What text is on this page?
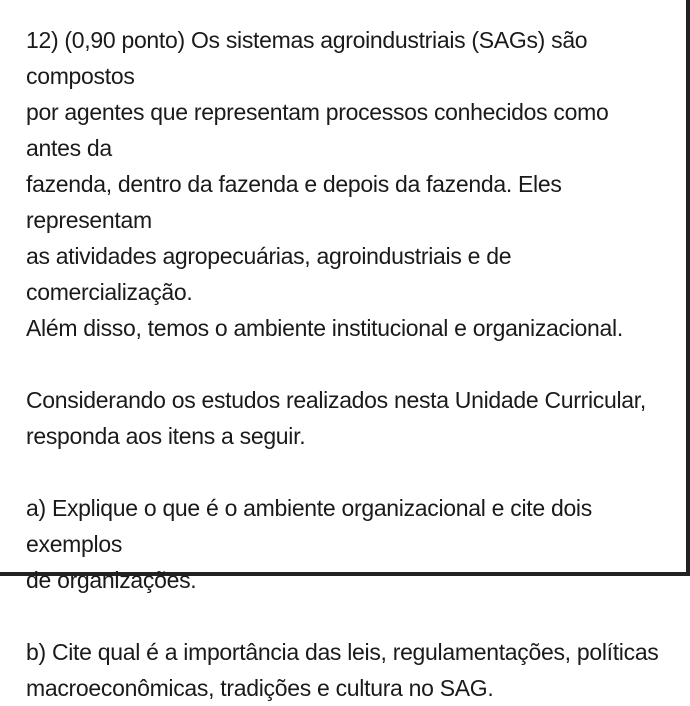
12) (0,90 ponto) Os sistemas agroindustriais (SAGs) são compostos

por agentes que representam processos conhecidos como antes da

fazenda, dentro da fazenda e depois da fazenda. Eles representam

as atividades agropecuárias, agroindustriais e de comercialização.

Além disso, temos o ambiente institucional e organizacional.

Considerando os estudos realizados nesta Unidade Curricular,

responda aos itens a seguir.

a) Explique o que é o ambiente organizacional e cite dois exemplos

de organizações.

b) Cite qual é a importância das leis, regulamentações, políticas

macroeconômicas, tradições e cultura no SAG.
